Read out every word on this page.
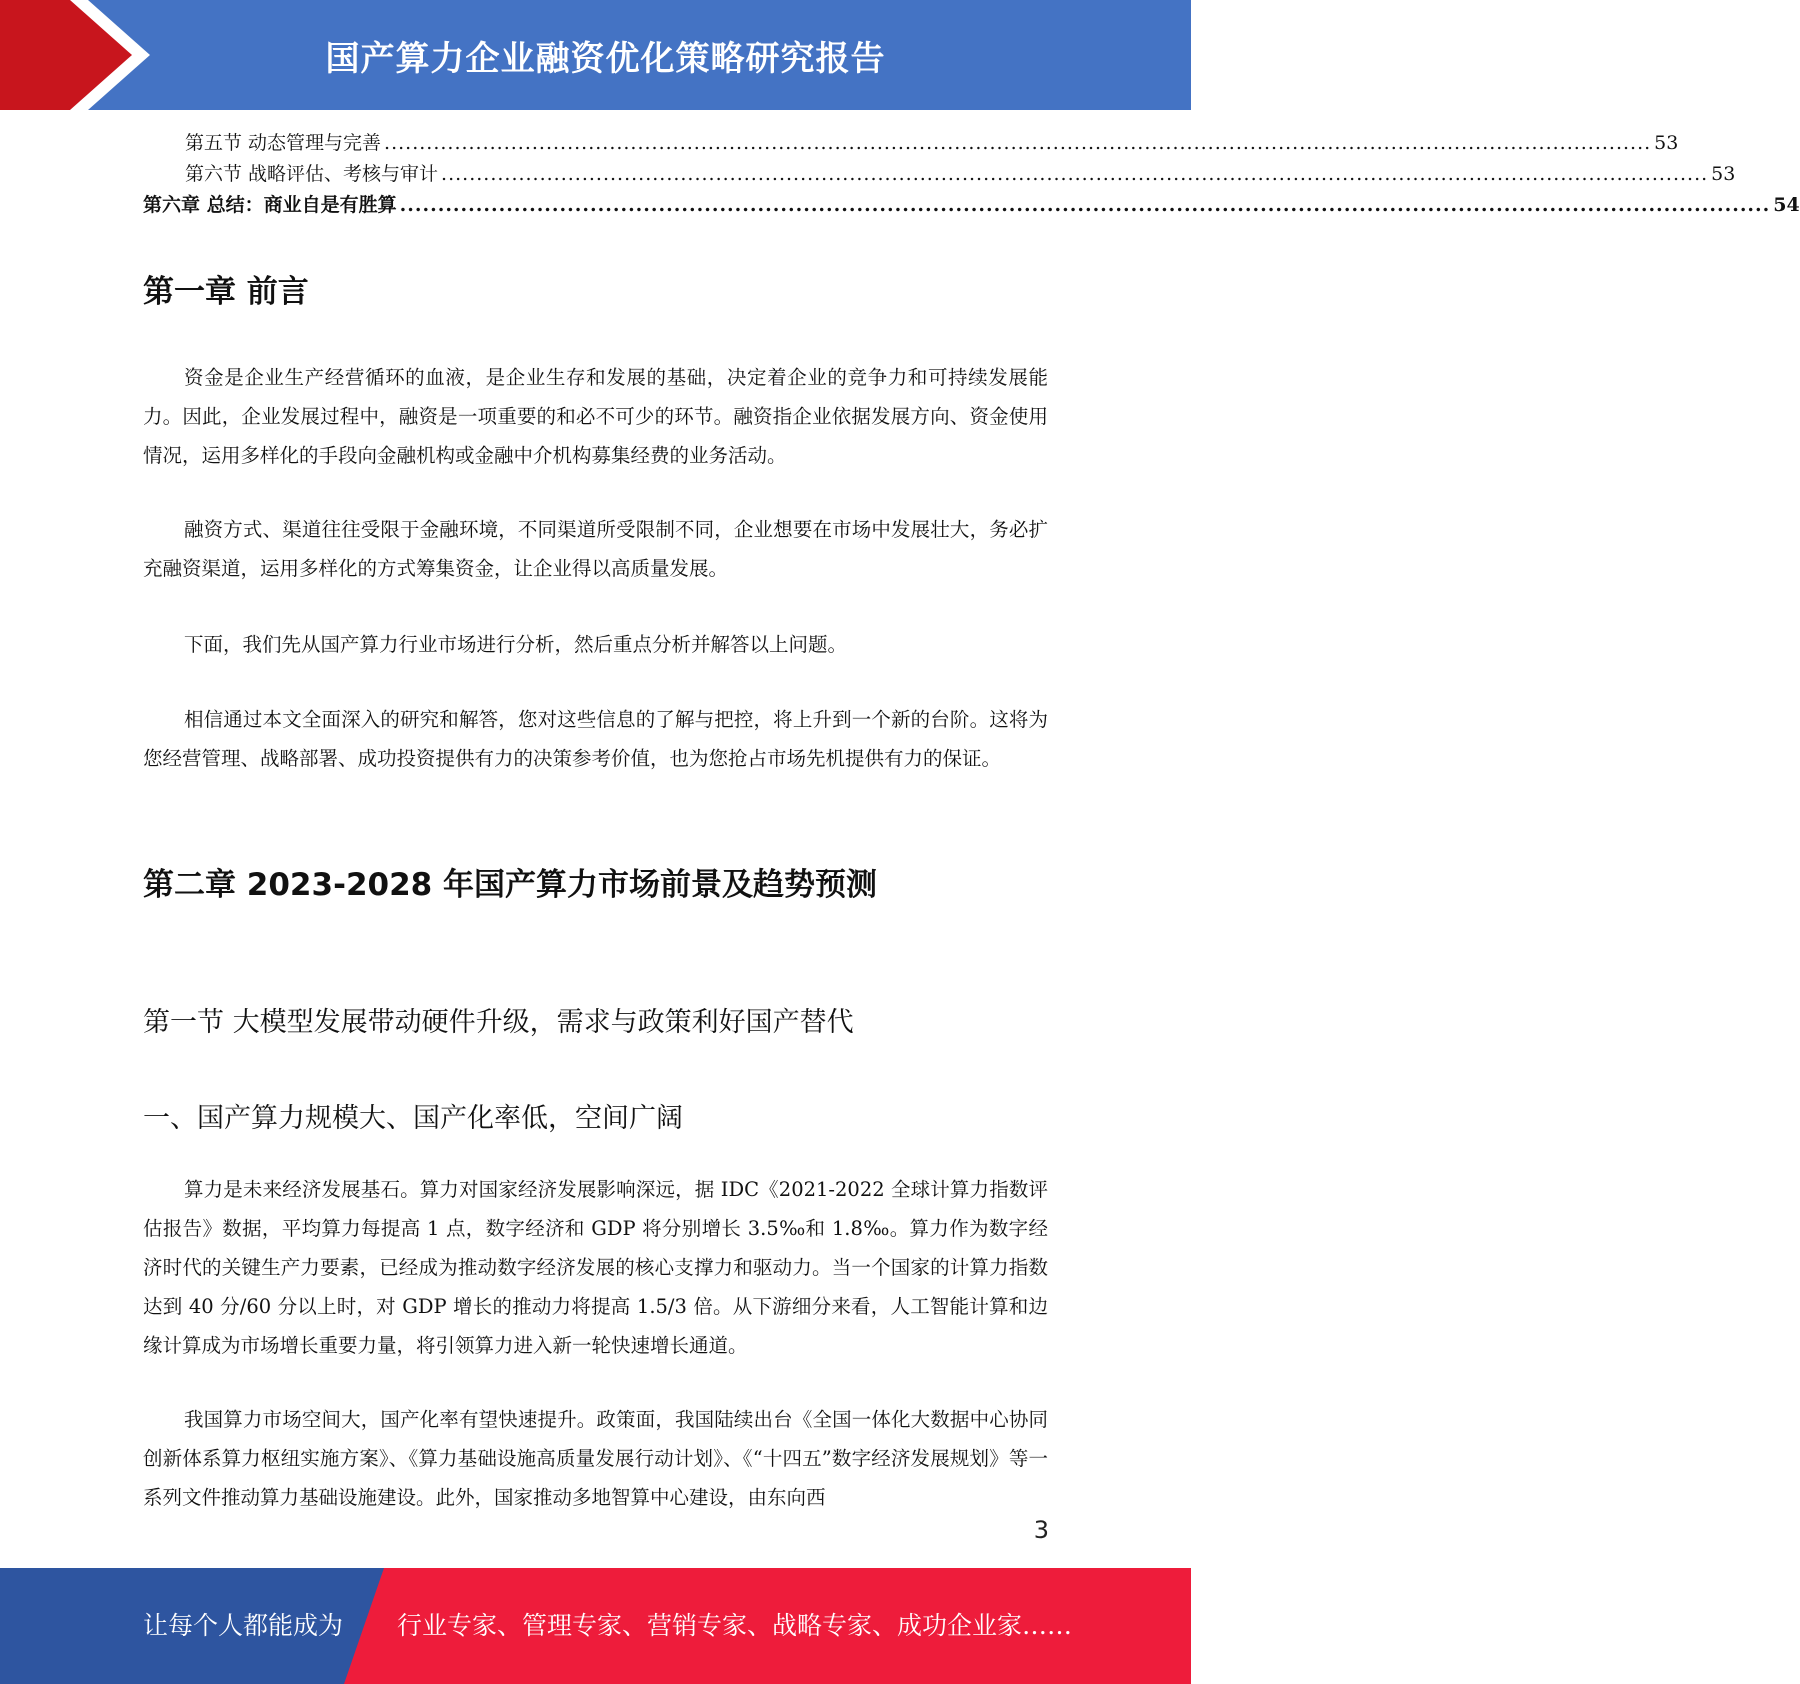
国产算力企业融资优化策略研究报告
第五节 动态管理与完善 .................................................................................................................................................................................... 53
第六节 战略评估、考核与审计 .................................................................................................................................................................................... 53
第六章 总结：商业自是有胜算 .................................................................................................................................................................................... 54
第一章 前言

资金是企业生产经营循环的血液，是企业生存和发展的基础，决定着企业的竞争力和可持续发展能力。因此，企业发展过程中，融资是一项重要的和必不可少的环节。融资指企业依据发展方向、资金使用情况，运用多样化的手段向金融机构或金融中介机构募集经费的业务活动。

融资方式、渠道往往受限于金融环境，不同渠道所受限制不同，企业想要在市场中发展壮大，务必扩充融资渠道，运用多样化的方式筹集资金，让企业得以高质量发展。

下面，我们先从国产算力行业市场进行分析，然后重点分析并解答以上问题。

相信通过本文全面深入的研究和解答，您对这些信息的了解与把控，将上升到一个新的台阶。这将为您经营管理、战略部署、成功投资提供有力的决策参考价值，也为您抢占市场先机提供有力的保证。

第二章 2023-2028 年国产算力市场前景及趋势预测
第一节 大模型发展带动硬件升级，需求与政策利好国产替代
一、国产算力规模大、国产化率低，空间广阔

算力是未来经济发展基石。算力对国家经济发展影响深远，据 IDC《2021-2022 全球计算力指数评估报告》数据，平均算力每提高 1 点，数字经济和 GDP 将分别增长 3.5‰和 1.8‰。算力作为数字经济时代的关键生产力要素，已经成为推动数字经济发展的核心支撑力和驱动力。当一个国家的计算力指数达到 40 分/60 分以上时，对 GDP 增长的推动力将提高 1.5/3 倍。从下游细分来看，人工智能计算和边缘计算成为市场增长重要力量，将引领算力进入新一轮快速增长通道。

我国算力市场空间大，国产化率有望快速提升。政策面，我国陆续出台《全国一体化大数据中心协同创新体系算力枢纽实施方案》、《算力基础设施高质量发展行动计划》、《“十四五”数字经济发展规划》等一系列文件推动算力基础设施建设。此外，国家推动多地智算中心建设，由东向西

3
让每个人都能成为 行业专家、管理专家、营销专家、战略专家、成功企业家……
